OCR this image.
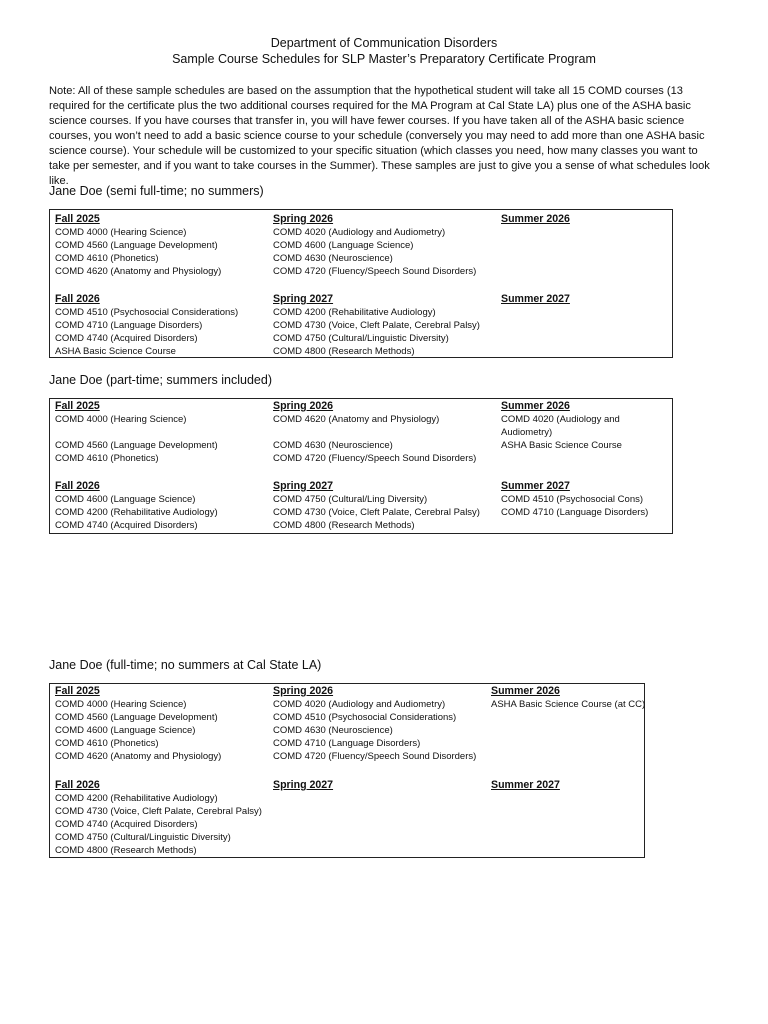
Department of Communication Disorders
Sample Course Schedules for SLP Master’s Preparatory Certificate Program
Note: All of these sample schedules are based on the assumption that the hypothetical student will take all 15 COMD courses (13 required for the certificate plus the two additional courses required for the MA Program at Cal State LA) plus one of the ASHA basic science courses. If you have courses that transfer in, you will have fewer courses. If you have taken all of the ASHA basic science courses, you won’t need to add a basic science course to your schedule (conversely you may need to add more than one ASHA basic science course). Your schedule will be customized to your specific situation (which classes you need, how many classes you want to take per semester, and if you want to take courses in the Summer). These samples are just to give you a sense of what schedules look like.
Jane Doe (semi full-time; no summers)
Fall 2025
COMD 4000 (Hearing Science)
COMD 4560 (Language Development)
COMD 4610 (Phonetics)
COMD 4620 (Anatomy and Physiology)
Spring 2026
COMD 4020 (Audiology and Audiometry)
COMD 4600 (Language Science)
COMD 4630 (Neuroscience)
COMD 4720 (Fluency/Speech Sound Disorders)
Summer 2026
Fall 2026
COMD 4510 (Psychosocial Considerations)
COMD 4710 (Language Disorders)
COMD 4740 (Acquired Disorders)
ASHA Basic Science Course
Spring 2027
COMD 4200 (Rehabilitative Audiology)
COMD 4730 (Voice, Cleft Palate, Cerebral Palsy)
COMD 4750 (Cultural/Linguistic Diversity)
COMD 4800 (Research Methods)
Summer 2027
Jane Doe (part-time; summers included)
Fall 2025
COMD 4000 (Hearing Science)
COMD 4560 (Language Development)
COMD 4610 (Phonetics)
Spring 2026
COMD 4620 (Anatomy and Physiology)
COMD 4630 (Neuroscience)
COMD 4720 (Fluency/Speech Sound Disorders)
Summer 2026
COMD 4020 (Audiology and Audiometry)
ASHA Basic Science Course
Fall 2026
COMD 4600 (Language Science)
COMD 4200 (Rehabilitative Audiology)
COMD 4740 (Acquired Disorders)
Spring 2027
COMD 4750 (Cultural/Ling Diversity)
COMD 4730 (Voice, Cleft Palate, Cerebral Palsy)
COMD 4800 (Research Methods)
Summer 2027
COMD 4510 (Psychosocial Cons)
COMD 4710 (Language Disorders)
Jane Doe (full-time; no summers at Cal State LA)
Fall 2025
COMD 4000 (Hearing Science)
COMD 4560 (Language Development)
COMD 4600 (Language Science)
COMD 4610 (Phonetics)
COMD 4620 (Anatomy and Physiology)
Spring 2026
COMD 4020 (Audiology and Audiometry)
COMD 4510 (Psychosocial Considerations)
COMD 4630 (Neuroscience)
COMD 4710 (Language Disorders)
COMD 4720 (Fluency/Speech Sound Disorders)
Summer 2026
ASHA Basic Science Course (at CC)
Fall 2026
COMD 4200 (Rehabilitative Audiology)
COMD 4730 (Voice, Cleft Palate, Cerebral Palsy)
COMD 4740 (Acquired Disorders)
COMD 4750 (Cultural/Linguistic Diversity)
COMD 4800 (Research Methods)
Spring 2027	Summer 2027
